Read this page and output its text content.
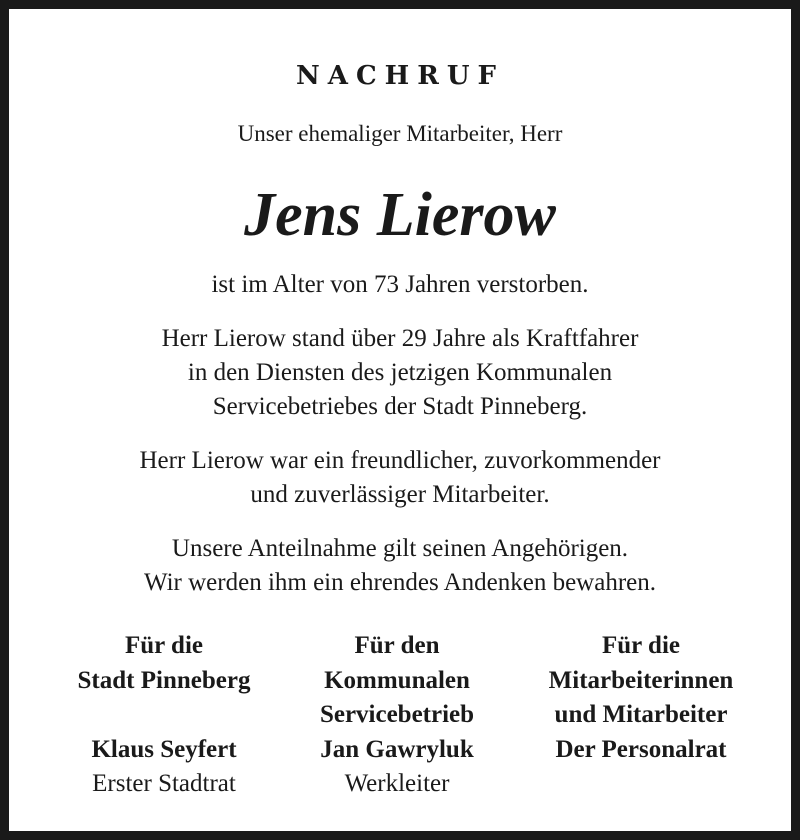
NACHRUF
Unser ehemaliger Mitarbeiter, Herr
Jens Lierow
ist im Alter von 73 Jahren verstorben.
Herr Lierow stand über 29 Jahre als Kraftfahrer
in den Diensten des jetzigen Kommunalen
Servicebetriebes der Stadt Pinneberg.
Herr Lierow war ein freundlicher, zuvorkommender
und zuverlässiger Mitarbeiter.
Unsere Anteilnahme gilt seinen Angehörigen.
Wir werden ihm ein ehrendes Andenken bewahren.
Für die
Stadt Pinneberg
Klaus Seyfert
Erster Stadtrat
Für den
Kommunalen
Servicebetrieb
Jan Gawryluk
Werkleiter
Für die
Mitarbeiterinnen
und Mitarbeiter
Der Personalrat
